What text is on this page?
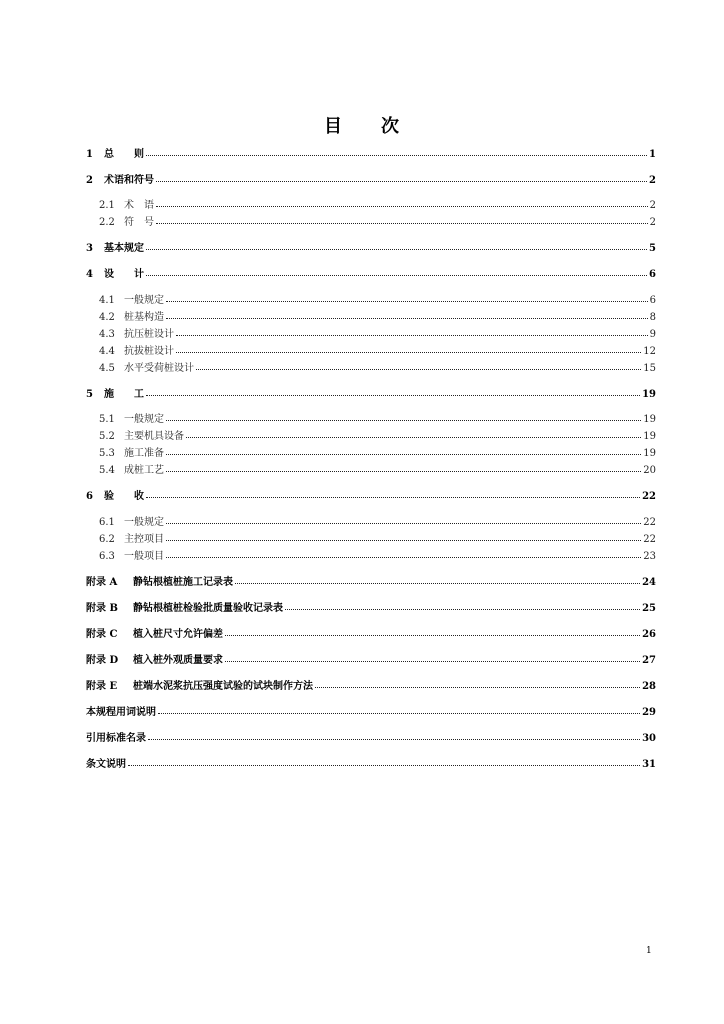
目　　次
1	总　　则	1
2	术语和符号	2
2.1 术　语	2
2.2 符　号	2
3	基本规定	5
4	设　　计	6
4.1 一般规定	6
4.2 桩基构造	8
4.3 抗压桩设计	9
4.4 抗拔桩设计	12
4.5 水平受荷桩设计	15
5	施　　工	19
5.1 一般规定	19
5.2 主要机具设备	19
5.3 施工准备	19
5.4 成桩工艺	20
6	验　　收	22
6.1 一般规定	22
6.2 主控项目	22
6.3 一般项目	23
附录 A	静钻根植桩施工记录表	24
附录 B	静钻根植桩检验批质量验收记录表	25
附录 C	植入桩尺寸允许偏差	26
附录 D	植入桩外观质量要求	27
附录 E	桩端水泥浆抗压强度试验的试块制作方法	28
本规程用词说明	29
引用标准名录	30
条文说明	31
1
